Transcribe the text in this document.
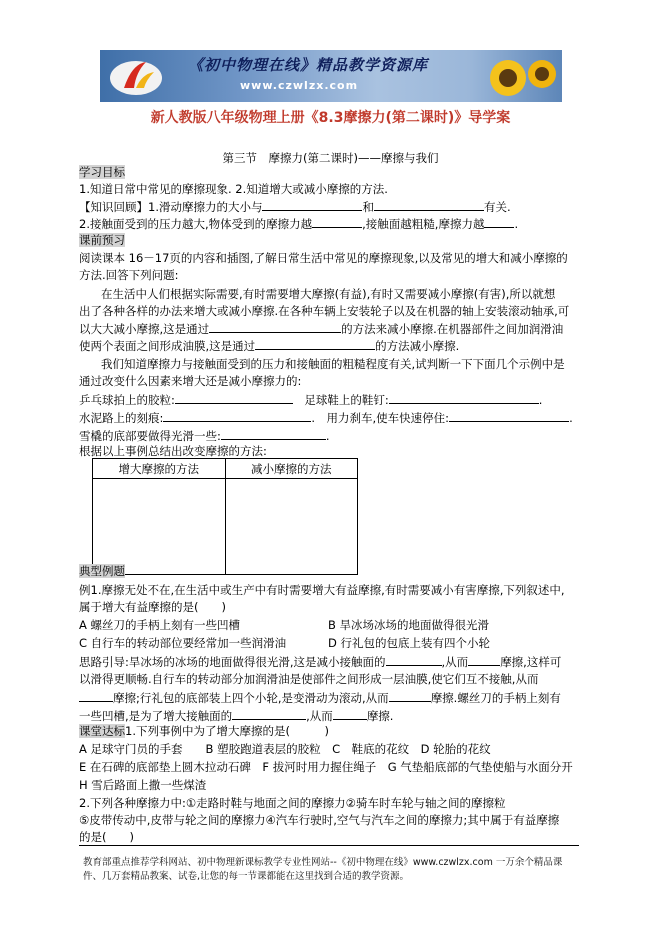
《初中物理在线》精品教学资源库
www.czwlzx.com
新人教版八年级物理上册《8.3摩擦力(第二课时)》导学案
第三节　摩擦力(第二课时)——摩擦与我们
学习目标
1.知道日常中常见的摩擦现象. 2.知道增大或减小摩擦的方法.
【知识回顾】1.滑动摩擦力的大小与	和	有关.
2.接触面受到的压力越大,物体受到的摩擦力越	,接触面越粗糙,摩擦力越	.
课前预习
阅读课本 16－17页的内容和插图,了解日常生活中常见的摩擦现象,以及常见的增大和减小摩擦的
方法.回答下列问题:
在生活中人们根据实际需要,有时需要增大摩擦(有益),有时又需要减小摩擦(有害),所以就想
出了各种各样的办法来增大或减小摩擦.在各种车辆上安装轮子以及在机器的轴上安装滚动轴承,可
以大大减小摩擦,这是通过	的方法来减小摩擦.在机器部件之间加润滑油
使两个表面之间形成油膜,这是通过	的方法减小摩擦.
我们知道摩擦力与接触面受到的压力和接触面的粗糙程度有关,试判断一下下面几个示例中是
通过改变什么因素来增大还是减小摩擦力的:
乒乓球拍上的胶粒:　	足球鞋上的鞋钉:	.
水泥路上的刻痕:	.　用力刹车,使车快速停住:	.
雪橇的底部要做得光滑一些:	.
根据以上事例总结出改变摩擦的方法:
增大摩擦的方法	减小摩擦的方法

典型例题
例1.摩擦无处不在,在生活中或生产中有时需要增大有益摩擦,有时需要减小有害摩擦,下列叙述中,
属于增大有益摩擦的是(　　)
A 螺丝刀的手柄上刻有一些凹槽	B 旱冰场冰场的地面做得很光滑
C 自行车的转动部位要经常加一些润滑油	D 行礼包的包底上装有四个小轮
思路引导:旱冰场的冰场的地面做得很光滑,这是减小接触面的	,从而	摩擦,这样可
以滑得更顺畅.自行车的转动部分加润滑油是使部件之间形成一层油膜,使它们互不接触,从而
摩擦;行礼包的底部装上四个小轮,是变滑动为滚动,从而	摩擦.螺丝刀的手柄上刻有
一些凹槽,是为了增大接触面的	,从而	摩擦.
课堂达标1.下列事例中为了增大摩擦的是(　　　)
A 足球守门员的手套　　B 塑胶跑道表层的胶粒　C　鞋底的花纹　D 轮胎的花纹
E 在石碑的底部垫上圆木拉动石碑　F 拔河时用力握住绳子　G 气垫船底部的气垫使船与水面分开
H 雪后路面上撒一些煤渣
2.下列各种摩擦力中:①走路时鞋与地面之间的摩擦力②骑车时车轮与轴之间的摩擦粒
⑤皮带传动中,皮带与轮之间的摩擦力④汽车行驶时,空气与汽车之间的摩擦力;其中属于有益摩擦
的是(　　)
教育部重点推荐学科网站、初中物理新课标教学专业性网站--《初中物理在线》www.czwlzx.com 一万余个精品课
件、几万套精品教案、试卷,让您的每一节课都能在这里找到合适的教学资源。
